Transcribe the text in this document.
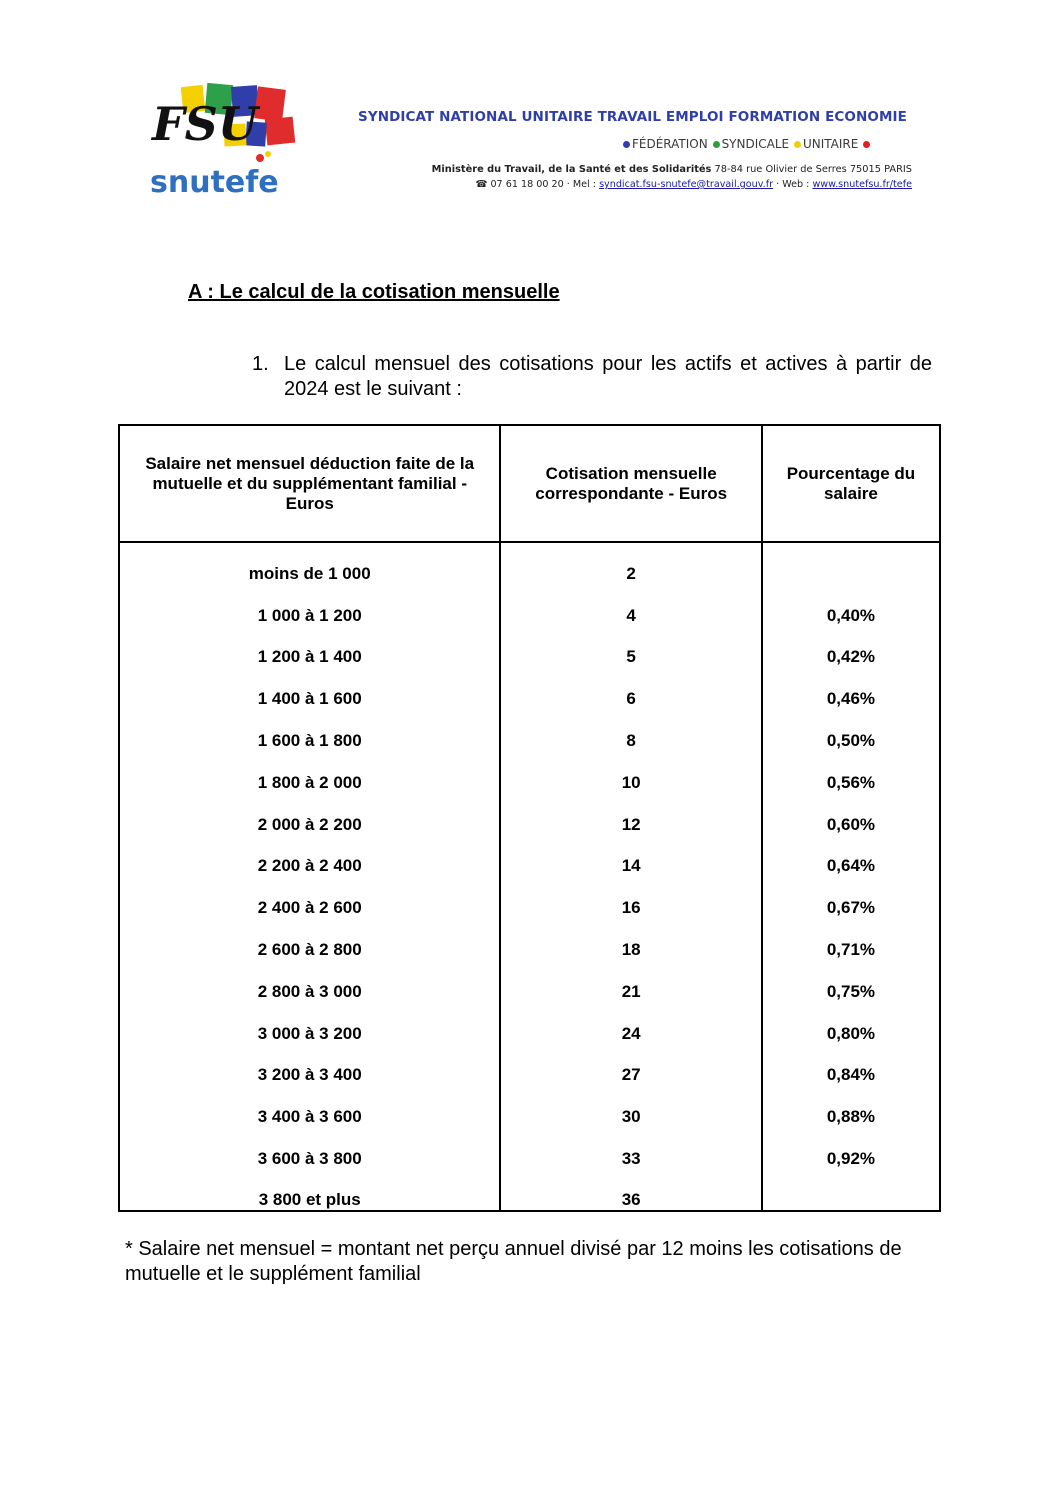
FSU
snutefe
SYNDICAT NATIONAL UNITAIRE TRAVAIL EMPLOI FORMATION ECONOMIE
FÉDÉRATION SYNDICALE UNITAIRE
Ministère du Travail, de la Santé et des Solidarités 78-84 rue Olivier de Serres 75015 PARIS
☎ 07 61 18 00 20 · Mel : syndicat.fsu-snutefe@travail.gouv.fr · Web : www.snutefsu.fr/tefe
A : Le calcul de la cotisation mensuelle
1. Le calcul mensuel des cotisations pour les actifs et actives à partir de 2024 est le suivant :
Salaire net mensuel déduction faite de la mutuelle et du supplémentant familial - Euros	Cotisation mensuelle correspondante - Euros	Pourcentage du salaire
moins de 1 000	2	
1 000 à 1 200	4	0,40%
1 200 à 1 400	5	0,42%
1 400 à 1 600	6	0,46%
1 600 à 1 800	8	0,50%
1 800 à 2 000	10	0,56%
2 000 à 2 200	12	0,60%
2 200 à 2 400	14	0,64%
2 400 à 2 600	16	0,67%
2 600 à 2 800	18	0,71%
2 800 à 3 000	21	0,75%
3 000 à 3 200	24	0,80%
3 200 à 3 400	27	0,84%
3 400 à 3 600	30	0,88%
3 600 à 3 800	33	0,92%
3 800 et plus	36	
* Salaire net mensuel = montant net perçu annuel divisé par 12 moins les cotisations de mutuelle et le supplément familial
